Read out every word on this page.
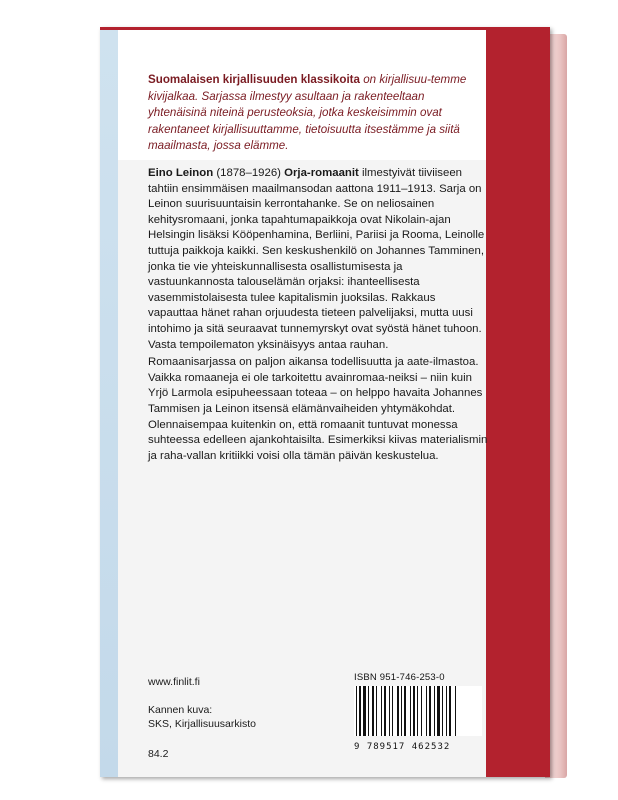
Suomalaisen kirjallisuuden klassikoita on kirjallisuu-temme kivijalkaa. Sarjassa ilmestyy asultaan ja rakenteeltaan yhtenäisinä niteinä perusteoksia, jotka keskeisimmin ovat rakentaneet kirjallisuuttamme, tietoisuutta itsestämme ja siitä maailmasta, jossa elämme.

Eino Leinon (1878–1926) Orja-romaanit ilmestyivät tiiviiseen tahtiin ensimmäisen maailmansodan aattona 1911–1913. Sarja on Leinon suurisuuntaisin kerrontahanke. Se on neliosainen kehitysromaani, jonka tapahtumapaikkoja ovat Nikolain-ajan Helsingin lisäksi Kööpenhamina, Berliini, Pariisi ja Rooma, Leinolle tuttuja paikkoja kaikki. Sen keskushenkilö on Johannes Tamminen, jonka tie vie yhteiskunnallisesta osallistumisesta ja vastuunkannosta talouselämän orjaksi: ihanteellisesta vasemmistolaisesta tulee kapitalismin juoksilas. Rakkaus vapauttaa hänet rahan orjuudesta tieteen palvelijaksi, mutta uusi intohimo ja sitä seuraavat tunnemyrskyt ovat syöstä hänet tuhoon. Vasta tempoilematon yksinäisyys antaa rauhan.

Romaanisarjassa on paljon aikansa todellisuutta ja aate-ilmastoa. Vaikka romaaneja ei ole tarkoitettu avainromaa-neiksi – niin kuin Yrjö Larmola esipuheessaan toteaa – on helppo havaita Johannes Tammisen ja Leinon itsensä elämänvaiheiden yhtymäkohdat. Olennaisempaa kuitenkin on, että romaanit tuntuvat monessa suhteessa edelleen ajankohtaisilta. Esimerkiksi kiivas materialismin ja raha-vallan kritiikki voisi olla tämän päivän keskustelua.

www.finlit.fi
Kannen kuva:
SKS, Kirjallisuusarkisto
84.2
ISBN 951-746-253-0
9 789517 462532
